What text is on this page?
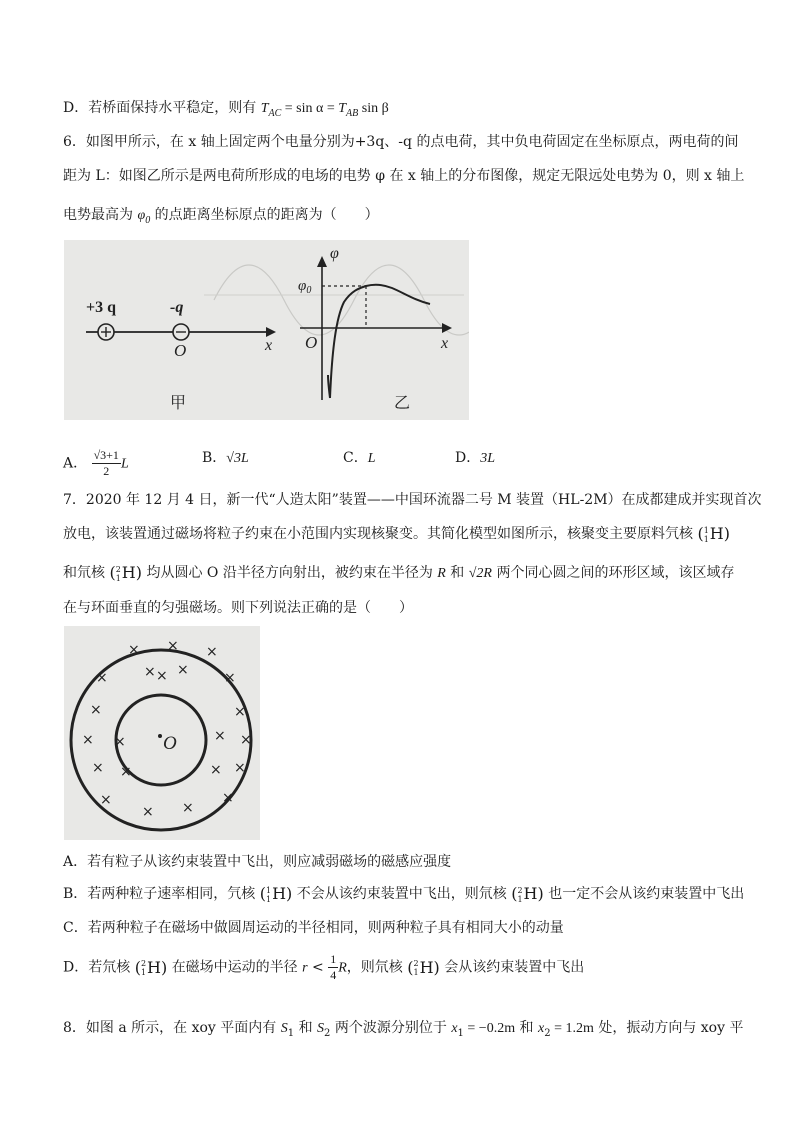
D．若桥面保持水平稳定，则有 $T_{AC} = \sin \alpha = T_{AB}$ sin β
6．如图甲所示，在 x 轴上固定两个电量分别为+3q、-q 的点电荷，其中负电荷固定在坐标原点，两电荷的间
距为 L：如图乙所示是两电荷所形成的电场的电势 φ 在 x 轴上的分布图像，规定无限远处电势为 0，则 x 轴上
电势最高为 $\varphi_0$ 的点距离坐标原点的距离为（　　）
+3 q	-q
O	x
甲
φ
$\varphi_0$
O	x
乙
A． $\frac{√3+1}{2}$ L	B．√3L	C．L	D．3L
7．2020 年 12 月 4 日，新一代“人造太阳”装置——中国环流器二号 M 装置（HL-2M）在成都建成并实现首次
放电，该装置通过磁场将粒子约束在小范围内实现核聚变。其简化模型如图所示，核聚变主要原料氕核 (1
1H)
和氘核 (2
1H) 均从圆心 O 沿半径方向射出，被约束在半径为 R 和 √2R 两个同心圆之间的环形区域，该区域存
在与环面垂直的匀强磁场。则下列说法正确的是（　　）
O
× × ×
×	× ×	×
×	×
× ×	× ×
× ×	× ×
×
× ×
×
×
A．若有粒子从该约束装置中飞出，则应减弱磁场的磁感应强度
B．若两种粒子速率相同，氕核 (1
1H) 不会从该约束装置中飞出，则氘核 (2
1H) 也一定不会从该约束装置中飞出
C．若两种粒子在磁场中做圆周运动的半径相同，则两种粒子具有相同大小的动量
D．若氘核 (2
1H) 在磁场中运动的半径 $r < \frac{1}{4}$ R，则氘核 (2
1H) 会从该约束装置中飞出
8．如图 a 所示，在 xoy 平面内有 $S_1$ 和 $S_2$ 两个波源分别位于 $x_1 = -0.2m$ 和 $x_2 = 1.2m$ 处，振动方向与 xoy 平
